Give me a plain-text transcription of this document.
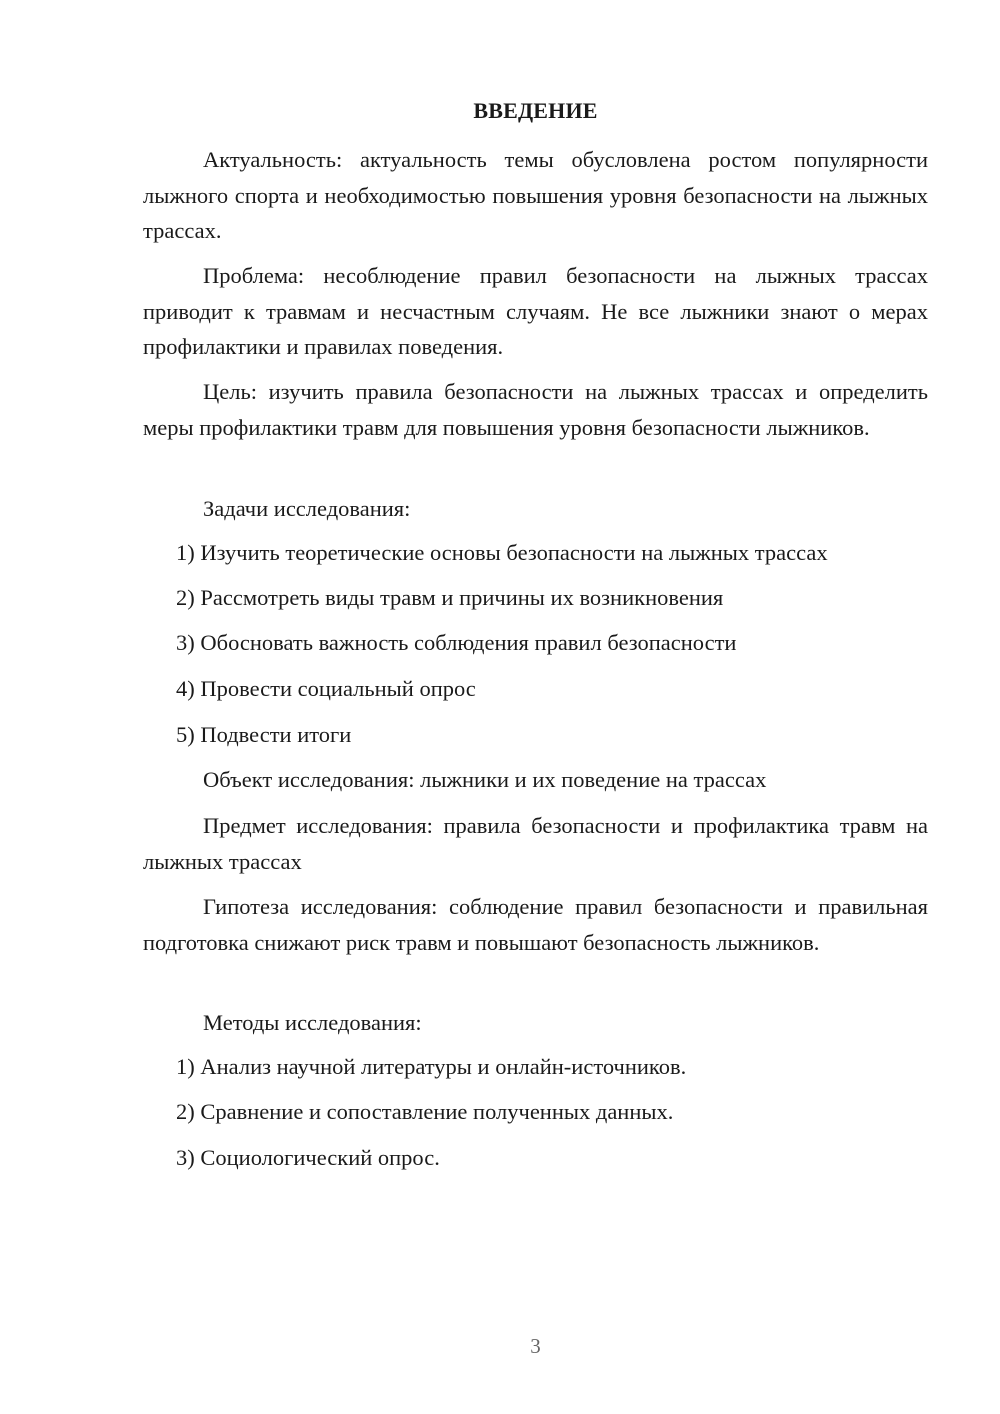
ВВЕДЕНИЕ

Актуальность: актуальность темы обусловлена ростом популярности лыжного спорта и необходимостью повышения уровня безопасности на лыжных трассах.

Проблема: несоблюдение правил безопасности на лыжных трассах приводит к травмам и несчастным случаям. Не все лыжники знают о мерах профилактики и правилах поведения.

Цель: изучить правила безопасности на лыжных трассах и определить меры профилактики травм для повышения уровня безопасности лыжников.

Задачи исследования:

1) Изучить теоретические основы безопасности на лыжных трассах

2) Рассмотреть виды травм и причины их возникновения

3) Обосновать важность соблюдения правил безопасности

4) Провести социальный опрос

5) Подвести итоги

Объект исследования: лыжники и их поведение на трассах

Предмет исследования: правила безопасности и профилактика травм на лыжных трассах

Гипотеза исследования: соблюдение правил безопасности и правильная подготовка снижают риск травм и повышают безопасность лыжников.

Методы исследования:

1) Анализ научной литературы и онлайн-источников.

2) Сравнение и сопоставление полученных данных.

3) Социологический опрос.

3
